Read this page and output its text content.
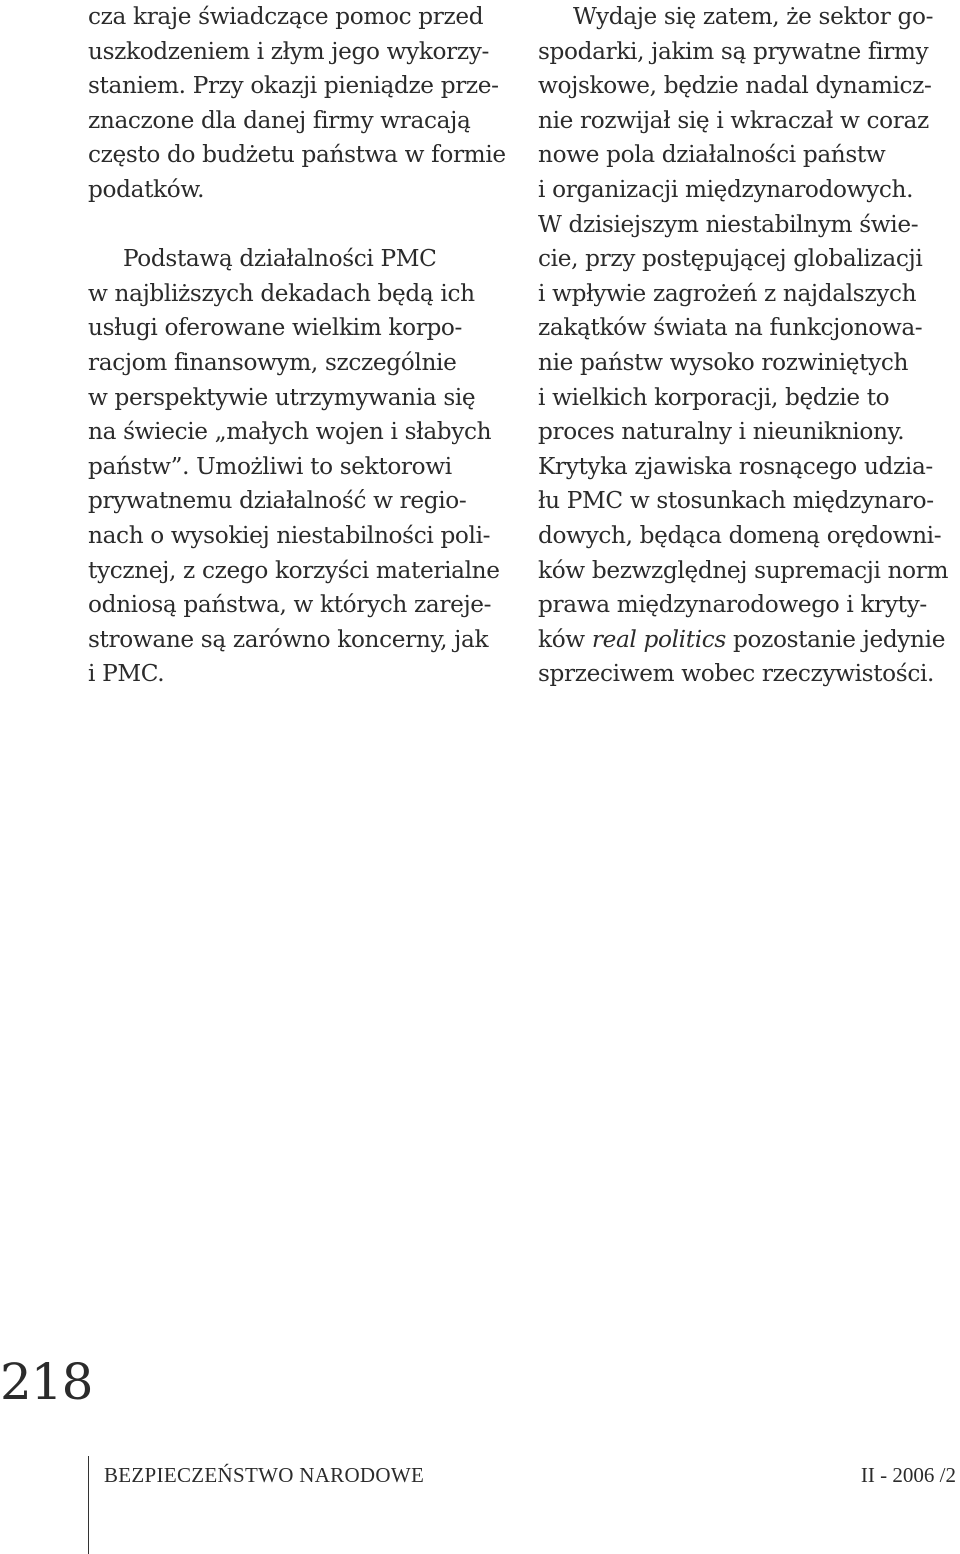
cza kraje świadczące pomoc przed
uszkodzeniem i złym jego wykorzy-
staniem. Przy okazji pieniądze prze-
znaczone dla danej firmy wracają
często do budżetu państwa w formie
podatków.
Podstawą działalności PMC
w najbliższych dekadach będą ich
usługi oferowane wielkim korpo-
racjom finansowym, szczególnie
w perspektywie utrzymywania się
na świecie „małych wojen i słabych
państw”. Umożliwi to sektorowi
prywatnemu działalność w regio-
nach o wysokiej niestabilności poli-
tycznej, z czego korzyści materialne
odniosą państwa, w których zareje-
strowane są zarówno koncerny, jak
i PMC.
Wydaje się zatem, że sektor go-
spodarki, jakim są prywatne firmy
wojskowe, będzie nadal dynamicz-
nie rozwijał się i wkraczał w coraz
nowe pola działalności państw
i organizacji międzynarodowych.
W dzisiejszym niestabilnym świe-
cie, przy postępującej globalizacji
i wpływie zagrożeń z najdalszych
zakątków świata na funkcjonowa-
nie państw wysoko rozwiniętych
i wielkich korporacji, będzie to
proces naturalny i nieunikniony.
Krytyka zjawiska rosnącego udzia-
łu PMC w stosunkach międzynaro-
dowych, będąca domeną orędowni-
ków bezwzględnej supremacji norm
prawa międzynarodowego i kryty-
ków real politics pozostanie jedynie
sprzeciwem wobec rzeczywistości.
218
BEZPIECZEŃSTWO NARODOWE	II - 2006 /2
